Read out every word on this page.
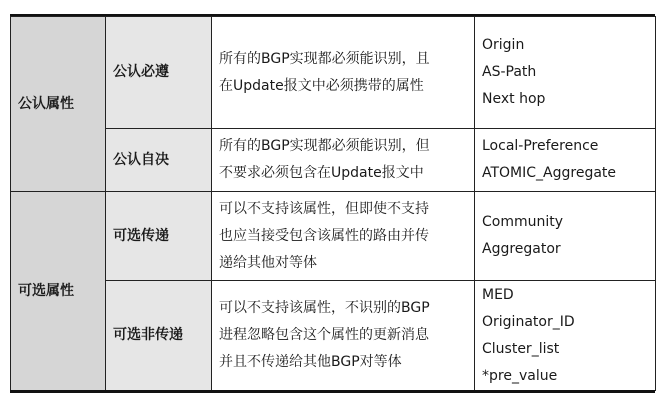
公认属性	公认必遵	所有的BGP实现都必须能识别，且
在Update报文中必须携带的属性	Origin
AS-Path
Next hop

	公认自决	所有的BGP实现都必须能识别，但
不要求必须包含在Update报文中	Local-Preference
ATOMIC_Aggregate

可选属性	可选传递	可以不支持该属性，但即使不支持
也应当接受包含该属性的路由并传
递给其他对等体	Community
Aggregator

	可选非传递	可以不支持该属性，不识别的BGP
进程忽略包含这个属性的更新消息
并且不传递给其他BGP对等体	MED
Originator_ID
Cluster_list
*pre_value
